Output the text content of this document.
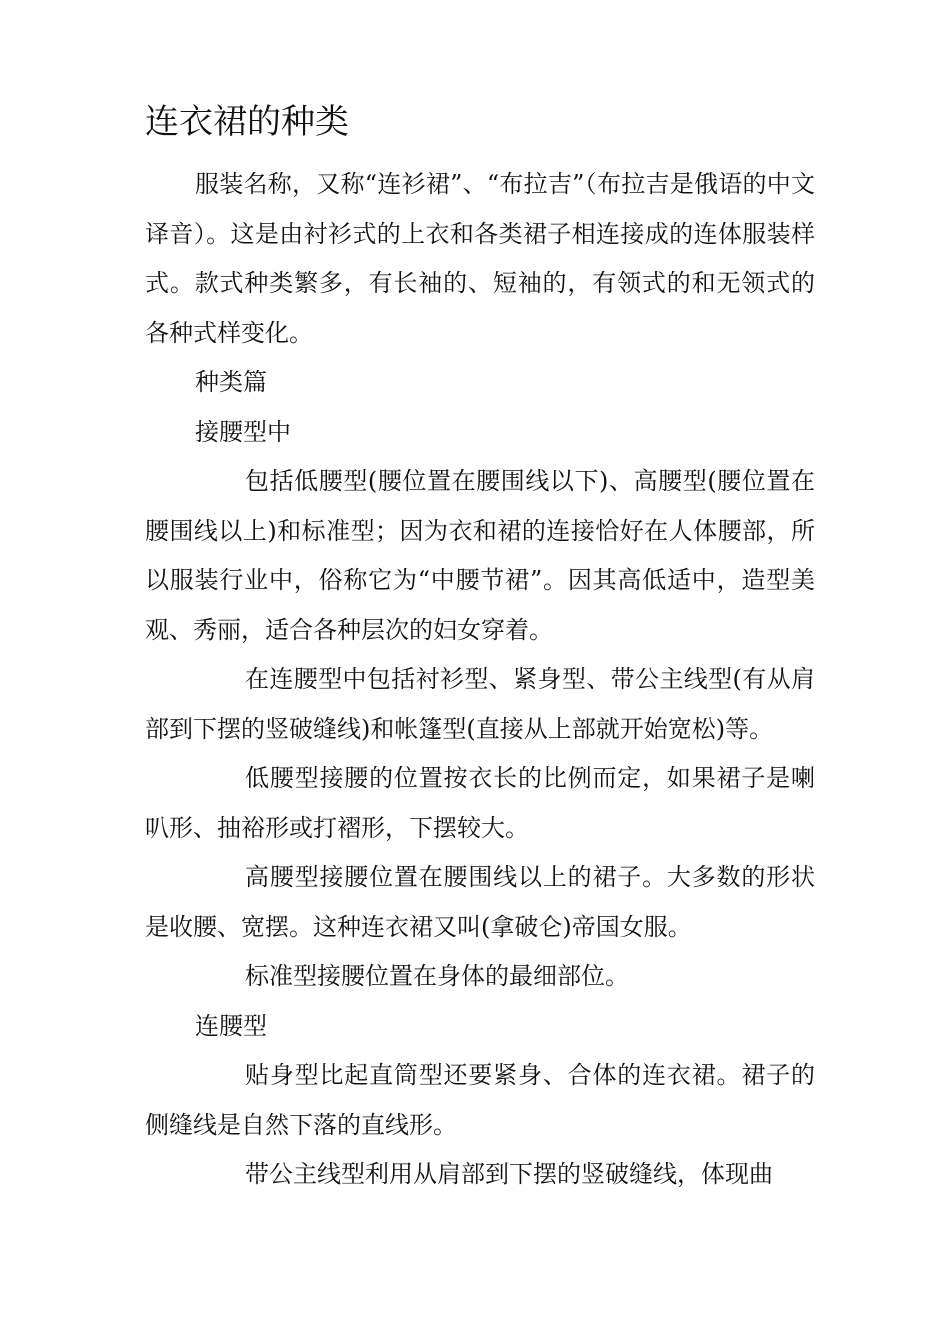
连衣裙的种类

服装名称，又称“连衫裙”、“布拉吉”（布拉吉是俄语的中文译音）。这是由衬衫式的上衣和各类裙子相连接成的连体服装样式。款式种类繁多，有长袖的、短袖的，有领式的和无领式的各种式样变化。

种类篇

接腰型中

包括低腰型(腰位置在腰围线以下)、高腰型(腰位置在腰围线以上)和标准型；因为衣和裙的连接恰好在人体腰部，所以服装行业中，俗称它为“中腰节裙”。因其高低适中，造型美观、秀丽，适合各种层次的妇女穿着。

在连腰型中包括衬衫型、紧身型、带公主线型(有从肩部到下摆的竖破缝线)和帐篷型(直接从上部就开始宽松)等。

低腰型接腰的位置按衣长的比例而定，如果裙子是喇叭形、抽裕形或打褶形，下摆较大。

高腰型接腰位置在腰围线以上的裙子。大多数的形状是收腰、宽摆。这种连衣裙又叫(拿破仑)帝国女服。

标准型接腰位置在身体的最细部位。

连腰型

贴身型比起直筒型还要紧身、合体的连衣裙。裙子的侧缝线是自然下落的直线形。

带公主线型利用从肩部到下摆的竖破缝线，体现曲
